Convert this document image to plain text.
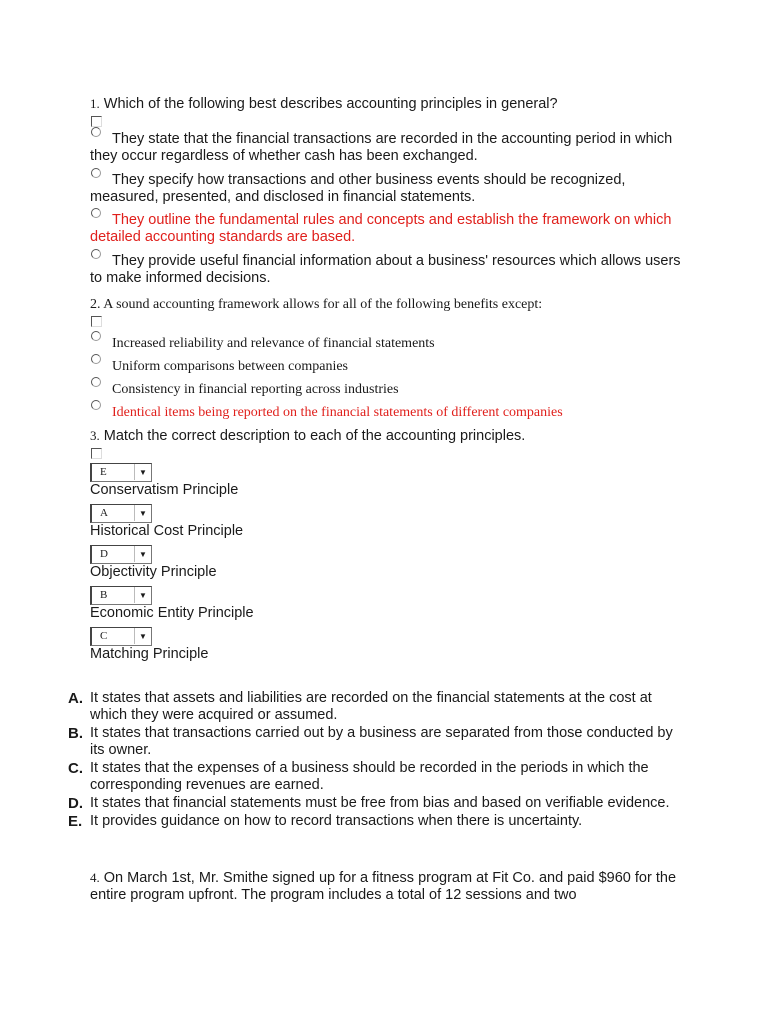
1. Which of the following best describes accounting principles in general?

They state that the financial transactions are recorded in the accounting period in which they occur regardless of whether cash has been exchanged.

They specify how transactions and other business events should be recognized, measured, presented, and disclosed in financial statements.

They outline the fundamental rules and concepts and establish the framework on which detailed accounting standards are based.

They provide useful financial information about a business' resources which allows users to make informed decisions.

2. A sound accounting framework allows for all of the following benefits except:

Increased reliability and relevance of financial statements

Uniform comparisons between companies

Consistency in financial reporting across industries

Identical items being reported on the financial statements of different companies

3. Match the correct description to each of the accounting principles.
E	▼
Conservatism Principle
A	▼
Historical Cost Principle
D	▼
Objectivity Principle
B	▼
Economic Entity Principle
C	▼
Matching Principle
A. It states that assets and liabilities are recorded on the financial statements at the cost at which they were acquired or assumed.
B. It states that transactions carried out by a business are separated from those conducted by its owner.
C. It states that the expenses of a business should be recorded in the periods in which the corresponding revenues are earned.
D. It states that financial statements must be free from bias and based on verifiable evidence.
E. It provides guidance on how to record transactions when there is uncertainty.
4. On March 1st, Mr. Smithe signed up for a fitness program at Fit Co. and paid $960 for the entire program upfront. The program includes a total of 12 sessions and two
